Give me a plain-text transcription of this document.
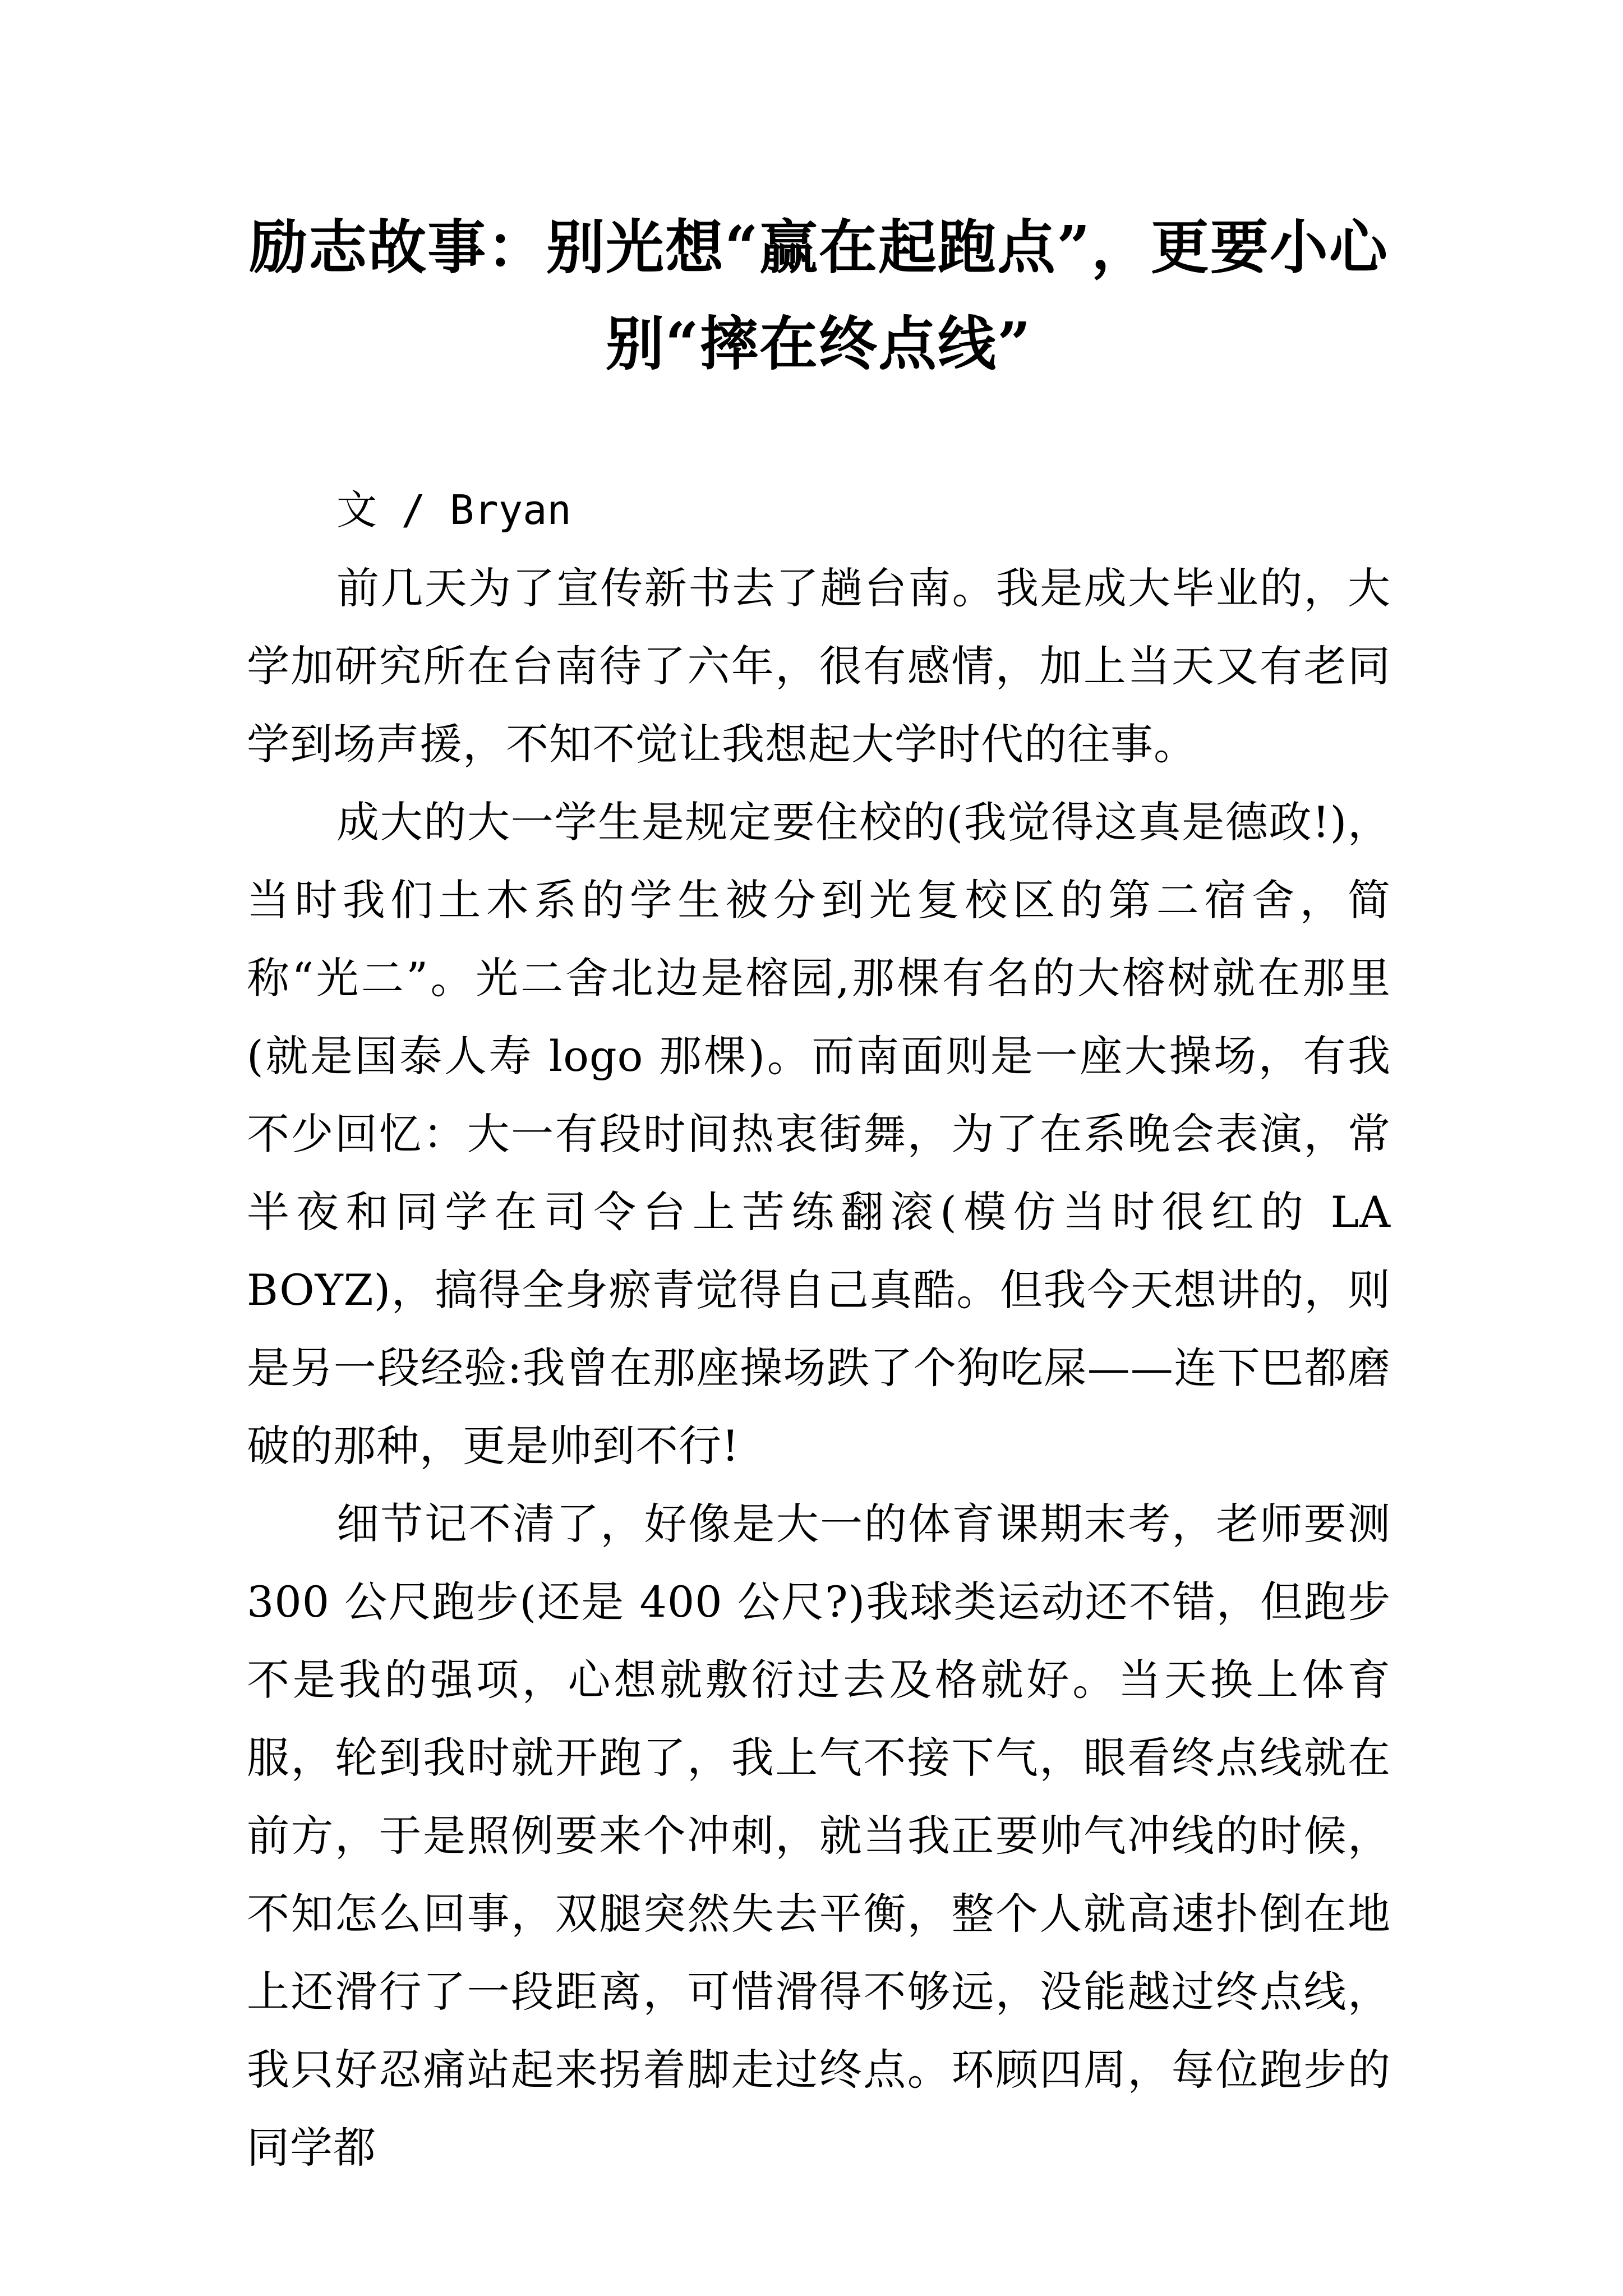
励志故事：别光想“赢在起跑点”，更要小心别“摔在终点线”

文 / Bryan

前几天为了宣传新书去了趟台南。我是成大毕业的，大学加研究所在台南待了六年，很有感情，加上当天又有老同学到场声援，不知不觉让我想起大学时代的往事。

成大的大一学生是规定要住校的(我觉得这真是德政!)，当时我们土木系的学生被分到光复校区的第二宿舍，简称“光二”。光二舍北边是榕园,那棵有名的大榕树就在那里(就是国泰人寿 logo 那棵)。而南面则是一座大操场，有我不少回忆：大一有段时间热衷街舞，为了在系晚会表演，常半夜和同学在司令台上苦练翻滚(模仿当时很红的 LA BOYZ)，搞得全身瘀青觉得自己真酷。但我今天想讲的，则是另一段经验:我曾在那座操场跌了个狗吃屎——连下巴都磨破的那种，更是帅到不行!

细节记不清了，好像是大一的体育课期末考，老师要测 300 公尺跑步(还是 400 公尺?)我球类运动还不错，但跑步不是我的强项，心想就敷衍过去及格就好。当天换上体育服，轮到我时就开跑了，我上气不接下气，眼看终点线就在前方，于是照例要来个冲刺，就当我正要帅气冲线的时候，不知怎么回事，双腿突然失去平衡，整个人就高速扑倒在地上还滑行了一段距离，可惜滑得不够远，没能越过终点线，我只好忍痛站起来拐着脚走过终点。环顾四周，每位跑步的同学都
